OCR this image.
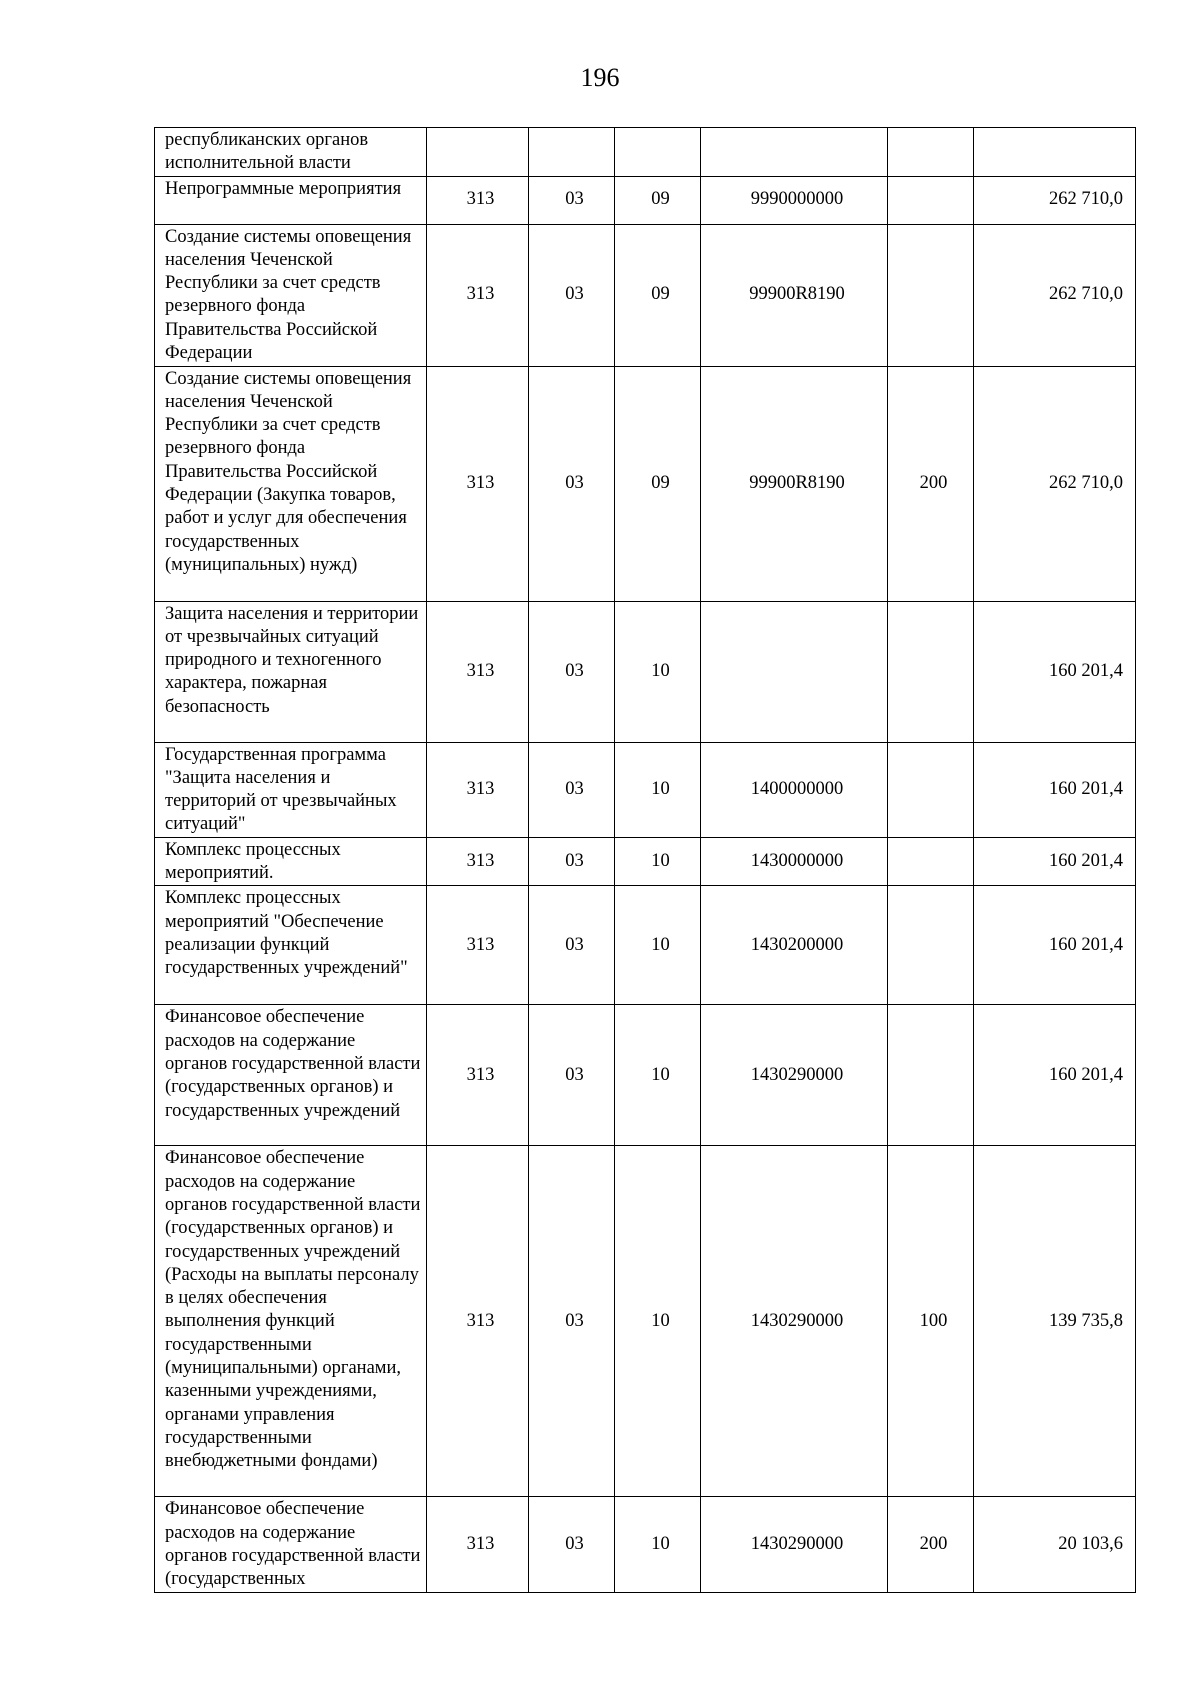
196
республиканских органов исполнительной власти						
Непрограммные мероприятия	313	03	09	9990000000		262 710,0
Создание системы оповещения населения Чеченской Республики за счет средств резервного фонда Правительства Российской Федерации	313	03	09	99900R8190		262 710,0
Создание системы оповещения населения Чеченской Республики за счет средств резервного фонда Правительства Российской Федерации (Закупка товаров, работ и услуг для обеспечения государственных (муниципальных) нужд)	313	03	09	99900R8190	200	262 710,0
Защита населения и территории от чрезвычайных ситуаций природного и техногенного характера, пожарная безопасность	313	03	10			160 201,4
Государственная программа "Защита населения и территорий от чрезвычайных ситуаций"	313	03	10	1400000000		160 201,4
Комплекс процессных мероприятий.	313	03	10	1430000000		160 201,4
Комплекс процессных мероприятий "Обеспечение реализации функций государственных учреждений"	313	03	10	1430200000		160 201,4
Финансовое обеспечение расходов на содержание органов государственной власти (государственных органов) и государственных учреждений	313	03	10	1430290000		160 201,4
Финансовое обеспечение расходов на содержание органов государственной власти (государственных органов) и государственных учреждений (Расходы на выплаты персоналу в целях обеспечения выполнения функций государственными (муниципальными) органами, казенными учреждениями, органами управления государственными внебюджетными фондами)	313	03	10	1430290000	100	139 735,8
Финансовое обеспечение расходов на содержание органов государственной власти (государственных	313	03	10	1430290000	200	20 103,6
